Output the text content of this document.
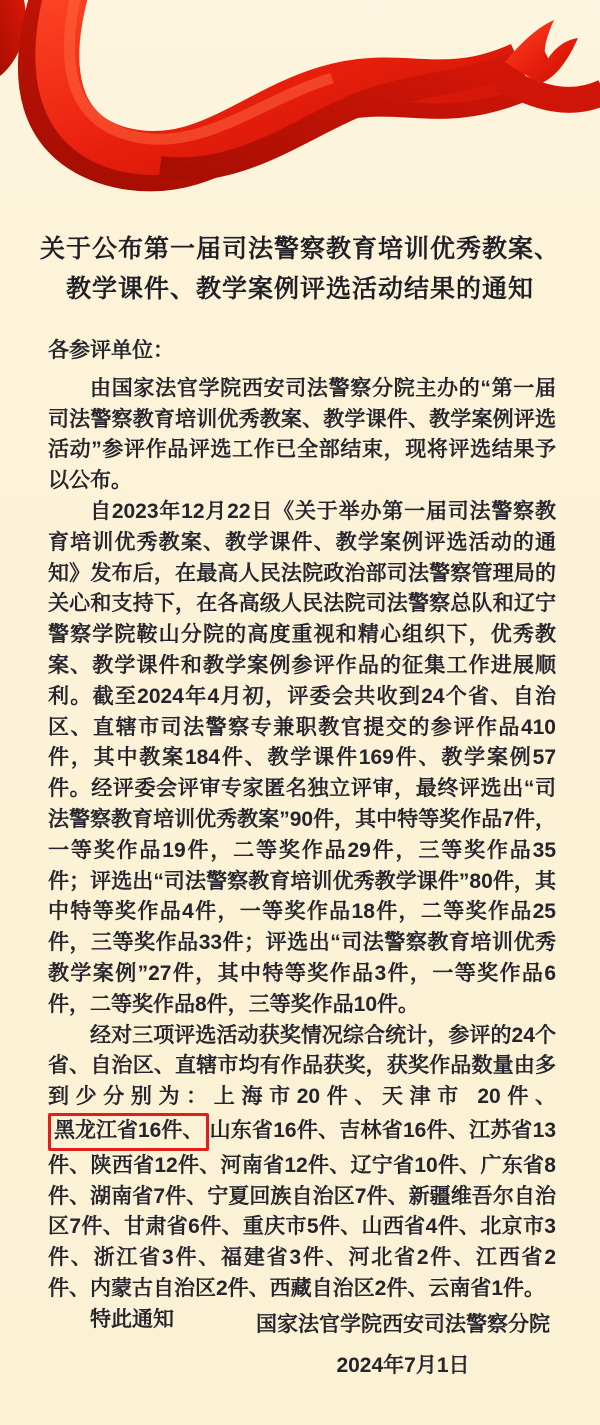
关于公布第一届司法警察教育培训优秀教案、
教学课件、教学案例评选活动结果的通知

各参评单位：

由国家法官学院西安司法警察分院主办的“第一届司法警察教育培训优秀教案、教学课件、教学案例评选活动”参评作品评选工作已全部结束，现将评选结果予以公布。

自2023年12月22日《关于举办第一届司法警察教育培训优秀教案、教学课件、教学案例评选活动的通知》发布后，在最高人民法院政治部司法警察管理局的关心和支持下，在各高级人民法院司法警察总队和辽宁警察学院鞍山分院的高度重视和精心组织下，优秀教案、教学课件和教学案例参评作品的征集工作进展顺利。截至2024年4月初，评委会共收到24个省、自治区、直辖市司法警察专兼职教官提交的参评作品410件，其中教案184件、教学课件169件、教学案例57件。经评委会评审专家匿名独立评审，最终评选出“司法警察教育培训优秀教案”90件，其中特等奖作品7件，一等奖作品19件，二等奖作品29件，三等奖作品35件；评选出“司法警察教育培训优秀教学课件”80件，其中特等奖作品4件，一等奖作品18件，二等奖作品25件，三等奖作品33件；评选出“司法警察教育培训优秀教学案例”27件，其中特等奖作品3件，一等奖作品6件，二等奖作品8件，三等奖作品10件。

经对三项评选活动获奖情况综合统计，参评的24个省、自治区、直辖市均有作品获奖，获奖作品数量由多到少分别为：上海市20件、天津市 20件、黑龙江省16件、 山东省16件、吉林省16件、江苏省13件、陕西省12件、河南省12件、辽宁省10件、广东省8件、湖南省7件、宁夏回族自治区7件、新疆维吾尔自治区7件、甘肃省6件、重庆市5件、山西省4件、北京市3件、浙江省3件、福建省3件、河北省2件、江西省2件、内蒙古自治区2件、西藏自治区2件、云南省1件。

特此通知	国家法官学院西安司法警察分院
2024年7月1日
